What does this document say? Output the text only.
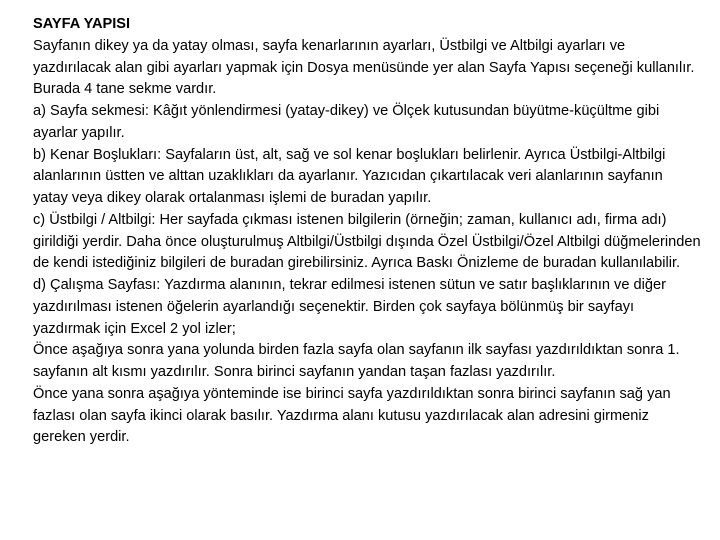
SAYFA YAPISI

Sayfanın dikey ya da yatay olması, sayfa kenarlarının ayarları, Üstbilgi ve Altbilgi ayarları ve yazdırılacak alan gibi ayarları yapmak için Dosya menüsünde yer alan Sayfa Yapısı seçeneği kullanılır. Burada 4 tane sekme vardır.

a) Sayfa sekmesi: Kâğıt yönlendirmesi (yatay-dikey) ve Ölçek kutusundan büyütme-küçültme gibi ayarlar yapılır.

b) Kenar Boşlukları: Sayfaların üst, alt, sağ ve sol kenar boşlukları belirlenir. Ayrıca Üstbilgi-Altbilgi alanlarının üstten ve alttan uzaklıkları da ayarlanır. Yazıcıdan çıkartılacak veri alanlarının sayfanın yatay veya dikey olarak ortalanması işlemi de buradan yapılır.

c) Üstbilgi / Altbilgi: Her sayfada çıkması istenen bilgilerin (örneğin; zaman, kullanıcı adı, firma adı) girildiği yerdir. Daha önce oluşturulmuş Altbilgi/Üstbilgi dışında Özel Üstbilgi/Özel Altbilgi düğmelerinden de kendi istediğiniz bilgileri de buradan girebilirsiniz. Ayrıca Baskı Önizleme de buradan kullanılabilir.

d) Çalışma Sayfası: Yazdırma alanının, tekrar edilmesi istenen sütun ve satır başlıklarının ve diğer yazdırılması istenen öğelerin ayarlandığı seçenektir. Birden çok sayfaya bölünmüş bir sayfayı yazdırmak için Excel 2 yol izler;

Önce aşağıya sonra yana yolunda birden fazla sayfa olan sayfanın ilk sayfası yazdırıldıktan sonra 1. sayfanın alt kısmı yazdırılır. Sonra birinci sayfanın yandan taşan fazlası yazdırılır.

Önce yana sonra aşağıya yönteminde ise birinci sayfa yazdırıldıktan sonra birinci sayfanın sağ yan fazlası olan sayfa ikinci olarak basılır. Yazdırma alanı kutusu yazdırılacak alan adresini girmeniz gereken yerdir.
